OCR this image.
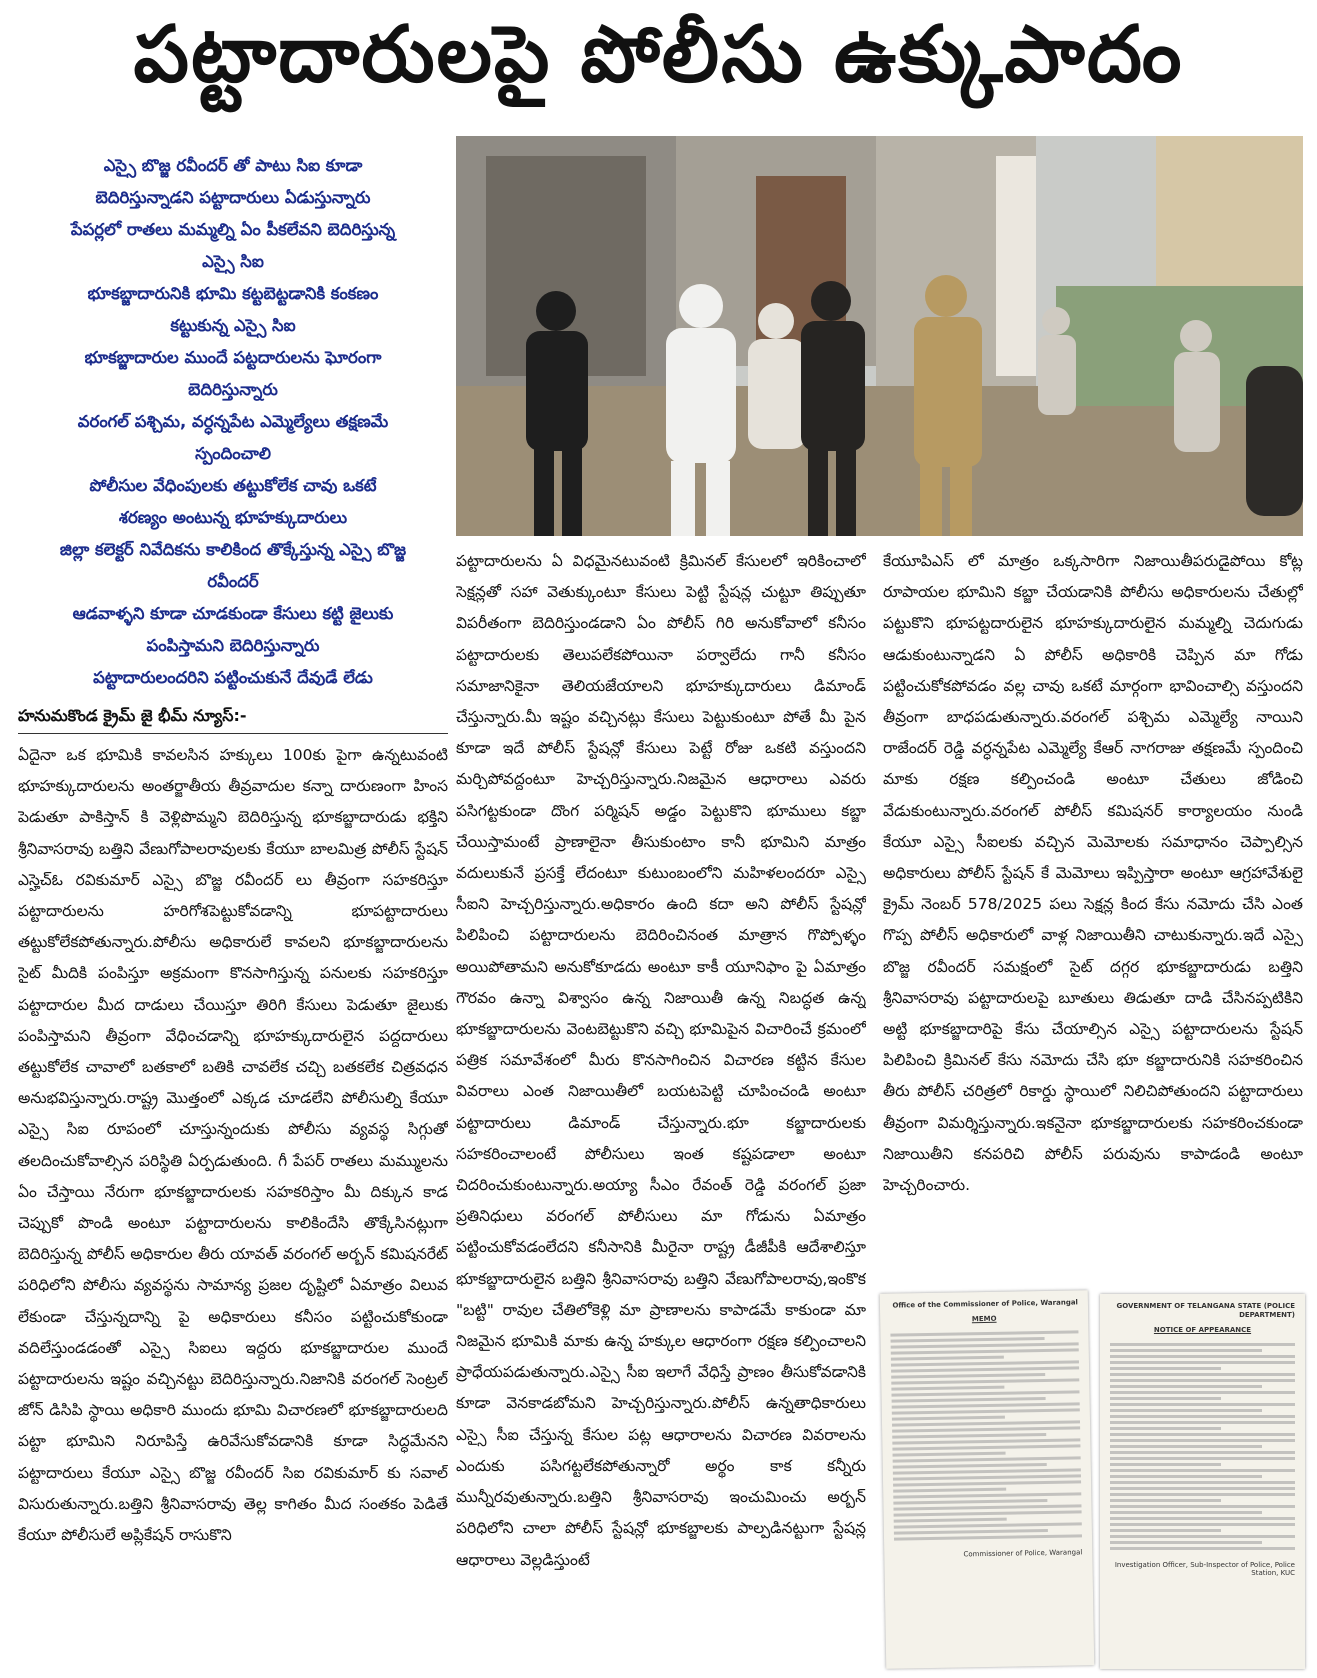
పట్టాదారులపై పోలీసు ఉక్కుపాదం
ఎస్సై బొజ్జ రవీందర్ తో పాటు సిఐ కూడా
బెదిరిస్తున్నాడని పట్టాదారులు ఏడుస్తున్నారు
పేపర్లలో రాతలు మమ్మల్ని ఏం పీకలేవని బెదిరిస్తున్న
ఎస్సై సిఐ
భూకబ్జాదారునికి భూమి కట్టబెట్టడానికి కంకణం
కట్టుకున్న ఎస్సై సిఐ
భూకబ్జాదారుల ముందే పట్టదారులను ఘోరంగా
బెదిరిస్తున్నారు
వరంగల్ పశ్చిమ, వర్ధన్నపేట ఎమ్మెల్యేలు తక్షణమే
స్పందించాలి
పోలీసుల వేధింపులకు తట్టుకోలేక చావు ఒకటే
శరణ్యం అంటున్న భూహక్కుదారులు
జిల్లా కలెక్టర్ నివేదికను కాలికింద తొక్కేస్తున్న ఎస్సై బొజ్జ
రవీందర్
ఆడవాళ్ళని కూడా చూడకుండా కేసులు కట్టి జైలుకు
పంపిస్తామని బెదిరిస్తున్నారు
పట్టాదారులందరిని పట్టించుకునే దేవుడే లేడు
హనుమకొండ క్రైమ్ జై భీమ్ న్యూస్:-
ఏదైనా ఒక భూమికి కావలసిన హక్కులు 100కు పైగా ఉన్నటువంటి భూహక్కుదారులను అంతర్జాతీయ తీవ్రవాదుల కన్నా దారుణంగా హింస పెడుతూ పాకిస్తాన్ కి వెళ్లిపొమ్మని బెదిరిస్తున్న భూకబ్జాదారుడు భక్తిని శ్రీనివాసరావు బత్తిని వేణుగోపాలరావులకు కేయూ బాలమిత్ర పోలీస్ స్టేషన్ ఎస్హెచ్ఓ రవికుమార్ ఎస్సై బొజ్జ రవీందర్ లు తీవ్రంగా సహకరిస్తూ పట్టాదారులను హరిగోశపెట్టుకోవడాన్ని భూపట్టాదారులు తట్టుకోలేకపోతున్నారు.పోలీసు అధికారులే కావలని భూకబ్జాదారులను సైట్ మీదికి పంపిస్తూ అక్రమంగా కొనసాగిస్తున్న పనులకు సహకరిస్తూ పట్టాదారుల మీద దాడులు చేయిస్తూ తిరిగి కేసులు పెడుతూ జైలుకు పంపిస్తామని తీవ్రంగా వేధించడాన్ని భూహక్కుదారులైన పద్దదారులు తట్టుకోలేక చావాలో బతకాలో బతికి చావలేక చచ్చి బతకలేక చిత్రవధన అనుభవిస్తున్నారు.రాష్ట్ర మొత్తంలో ఎక్కడ చూడలేని పోలీసుల్ని కేయూ ఎస్సై సిఐ రూపంలో చూస్తున్నందుకు పోలీసు వ్యవస్థ సిగ్గుతో తలదించుకోవాల్సిన పరిస్థితి ఏర్పడుతుంది. గీ పేపర్ రాతలు మమ్ములను ఏం చేస్తాయి నేరుగా భూకబ్జాదారులకు సహకరిస్తాం మీ దిక్కున కాడ చెప్పుకో పొండి అంటూ పట్టాదారులను కాలికిందేసి తొక్కేసినట్లుగా బెదిరిస్తున్న పోలీస్ అధికారుల తీరు యావత్ వరంగల్ అర్బన్ కమిషనరేట్ పరిధిలోని పోలీసు వ్యవస్థను సామాన్య ప్రజల దృష్టిలో ఏమాత్రం విలువ లేకుండా చేస్తున్నదాన్ని పై అధికారులు కనీసం పట్టించుకోకుండా వదిలేస్తుండడంతో ఎస్సై సిఐలు ఇద్దరు భూకబ్జాదారుల ముందే పట్టాదారులను ఇష్టం వచ్చినట్టు బెదిరిస్తున్నారు.నిజానికి వరంగల్ సెంట్రల్ జోన్ డిసిపి స్థాయి అధికారి ముందు భూమి విచారణలో భూకబ్జాదారులది పట్టా భూమిని నిరూపిస్తే ఉరివేసుకోవడానికి కూడా సిద్ధమేనని పట్టాదారులు కేయూ ఎస్సై బొజ్జ రవీందర్ సిఐ రవికుమార్ కు సవాల్ విసురుతున్నారు.బత్తిని శ్రీనివాసరావు తెల్ల కాగితం మీద సంతకం పెడితే కేయూ పోలీసులే అప్లికేషన్ రాసుకొని
పట్టాదారులను ఏ విధమైనటువంటి క్రిమినల్ కేసులలో ఇరికించాలో సెక్షన్లతో సహా వెతుక్కుంటూ కేసులు పెట్టి స్టేషన్ల చుట్టూ తిప్పుతూ విపరీతంగా బెదిరిస్తుండడాని ఏం పోలీస్ గిరి అనుకోవాలో కనీసం పట్టాదారులకు తెలుపలేకపోయినా పర్వాలేదు గానీ కనీసం సమాజానికైనా తెలియజేయాలని భూహక్కుదారులు డిమాండ్ చేస్తున్నారు.మీ ఇష్టం వచ్చినట్లు కేసులు పెట్టుకుంటూ పోతే మీ పైన కూడా ఇదే పోలీస్ స్టేషన్లో కేసులు పెట్టే రోజు ఒకటి వస్తుందని మర్చిపోవద్దంటూ హెచ్చరిస్తున్నారు.నిజమైన ఆధారాలు ఎవరు పసిగట్టకుండా దొంగ పర్మిషన్ అడ్డం పెట్టుకొని భూములు కబ్జా చేయిస్తామంటే ప్రాణాలైనా తీసుకుంటాం కానీ భూమిని మాత్రం వదులుకునే ప్రసక్తే లేదంటూ కుటుంబంలోని మహిళలందరూ ఎస్సై సీఐని హెచ్చరిస్తున్నారు.అధికారం ఉంది కదా అని పోలీస్ స్టేషన్లో పిలిపించి పట్టాదారులను బెదిరించినంత మాత్రాన గొప్పోళ్ళం అయిపోతామని అనుకోకూడదు అంటూ కాకీ యూనిఫాం పై ఏమాత్రం గౌరవం ఉన్నా విశ్వాసం ఉన్న నిజాయితీ ఉన్న నిబద్ధత ఉన్న భూకబ్జాదారులను వెంటబెట్టుకొని వచ్చి భూమిపైన విచారించే క్రమంలో పత్రిక సమావేశంలో మీరు కొనసాగించిన విచారణ కట్టిన కేసుల వివరాలు ఎంత నిజాయితీలో బయటపెట్టి చూపించండి అంటూ పట్టాదారులు డిమాండ్ చేస్తున్నారు.భూ కబ్జాదారులకు సహకరించాలంటే పోలీసులు ఇంత కష్టపడాలా అంటూ చిదరించుకుంటున్నారు.అయ్యా సీఎం రేవంత్ రెడ్డి వరంగల్ ప్రజా ప్రతినిధులు వరంగల్ పోలీసులు మా గోడును ఏమాత్రం పట్టించుకోవడంలేదని కనీసానికి మీరైనా రాష్ట్ర డీజీపీకి ఆదేశాలిస్తూ భూకబ్జాదారులైన బత్తిని శ్రీనివాసరావు బత్తిని వేణుగోపాలరావు,ఇంకొక "బట్టి" రావుల చేతిలోకెళ్లి మా ప్రాణాలను కాపాడమే కాకుండా మా నిజమైన భూమికి మాకు ఉన్న హక్కుల ఆధారంగా రక్షణ కల్పించాలని ప్రాధేయపడుతున్నారు.ఎస్సై సీఐ ఇలాగే వేధిస్తే ప్రాణం తీసుకోవడానికి కూడా వెనకాడబోమని హెచ్చరిస్తున్నారు.పోలీస్ ఉన్నతాధికారులు ఎస్సై సీఐ చేస్తున్న కేసుల పట్ల ఆధారాలను విచారణ వివరాలను ఎందుకు పసిగట్టలేకపోతున్నారో అర్థం కాక కన్నీరు మున్నీరవుతున్నారు.బత్తిని శ్రీనివాసరావు ఇంచుమించు అర్బన్ పరిధిలోని చాలా పోలీస్ స్టేషన్లో భూకబ్జాలకు పాల్పడినట్టుగా స్టేషన్ల ఆధారాలు వెల్లడిస్తుంటే
కేయూపిఎస్ లో మాత్రం ఒక్కసారిగా నిజాయితీపరుడైపోయి కోట్ల రూపాయల భూమిని కబ్జా చేయడానికి పోలీసు అధికారులను చేతుల్లో పట్టుకొని భూపట్టదారులైన భూహక్కుదారులైన మమ్మల్ని చెదుగుడు ఆడుకుంటున్నాడని ఏ పోలీస్ అధికారికి చెప్పిన మా గోడు పట్టించుకోకపోవడం వల్ల చావు ఒకటే మార్గంగా భావించాల్సి వస్తుందని తీవ్రంగా బాధపడుతున్నారు.వరంగల్ పశ్చిమ ఎమ్మెల్యే నాయిని రాజేందర్ రెడ్డి వర్ధన్నపేట ఎమ్మెల్యే కేఆర్ నాగరాజు తక్షణమే స్పందించి మాకు రక్షణ కల్పించండి అంటూ చేతులు జోడించి వేడుకుంటున్నారు.వరంగల్ పోలీస్ కమిషనర్ కార్యాలయం నుండి కేయూ ఎస్సై సీఐలకు వచ్చిన మెమోలకు సమాధానం చెప్పాల్సిన అధికారులు పోలీస్ స్టేషన్ కే మెమోలు ఇప్పిస్తారా అంటూ ఆగ్రహావేశులై క్రైమ్ నెంబర్ 578/2025 పలు సెక్షన్ల కింద కేసు నమోదు చేసి ఎంత గొప్ప పోలీస్ అధికారులో వాళ్ల నిజాయితీని చాటుకున్నారు.ఇదే ఎస్సై బొజ్జ రవీందర్ సమక్షంలో సైట్ దగ్గర భూకబ్జాదారుడు బత్తిని శ్రీనివాసరావు పట్టాదారులపై బూతులు తిడుతూ దాడి చేసినప్పటికిని అట్టి భూకబ్జాదారిపై కేసు చేయాల్సిన ఎస్సై పట్టాదారులను స్టేషన్ పిలిపించి క్రిమినల్ కేసు నమోదు చేసి భూ కబ్జాదారునికి సహకరించిన తీరు పోలీస్ చరిత్రలో రికార్డు స్థాయిలో నిలిచిపోతుందని పట్టాదారులు తీవ్రంగా విమర్శిస్తున్నారు.ఇకనైనా భూకబ్జాదారులకు సహకరించకుండా నిజాయితీని కనపరిచి పోలీస్ పరువును కాపాడండి అంటూ హెచ్చరించారు.
Office of the Commissioner of Police, Warangal
MEMO
Commissioner of Police, Warangal
GOVERNMENT OF TELANGANA STATE (POLICE DEPARTMENT)
NOTICE OF APPEARANCE
Investigation Officer, Sub-Inspector of Police, Police Station, KUC
